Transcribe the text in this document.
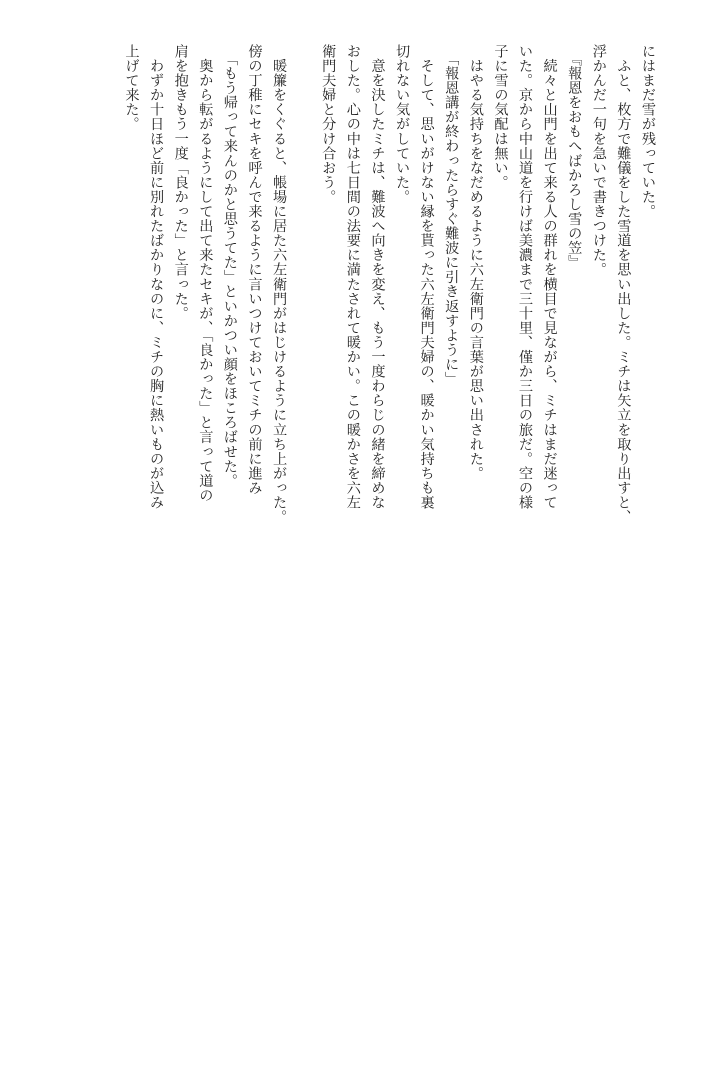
にはまだ雪が残っていた。
　ふと、枚方で難儀をした雪道を思い出した。ミチは矢立を取り出すと、
浮かんだ一句を急いで書きつけた。
　『報恩をおもへばかろし雪の笠』
　続々と山門を出て来る人の群れを横目で見ながら、ミチはまだ迷って
いた。京から中山道を行けば美濃まで三十里、僅か三日の旅だ。空の様
子に雪の気配は無い。
　はやる気持ちをなだめるように六左衛門の言葉が思い出された。
　「報恩講が終わったらすぐ難波に引き返すように」
　そして、思いがけない縁を貰った六左衛門夫婦の、暖かい気持ちも裏
切れない気がしていた。
　意を決したミチは、難波へ向きを変え、もう一度わらじの緒を締めな
おした。心の中は七日間の法要に満たされて暖かい。この暖かさを六左
衛門夫婦と分け合おう。
　暖簾をくぐると、帳場に居た六左衛門がはじけるように立ち上がった。
傍の丁稚にセキを呼んで来るように言いつけておいてミチの前に進み
　「もう帰って来んのかと思うてた」といかつい顔をほころばせた。
　奥から転がるようにして出て来たセキが、「良かった」と言って道の
肩を抱きもう一度「良かった」と言った。
　わずか十日ほど前に別れたばかりなのに、ミチの胸に熱いものが込み
上げて来た。
